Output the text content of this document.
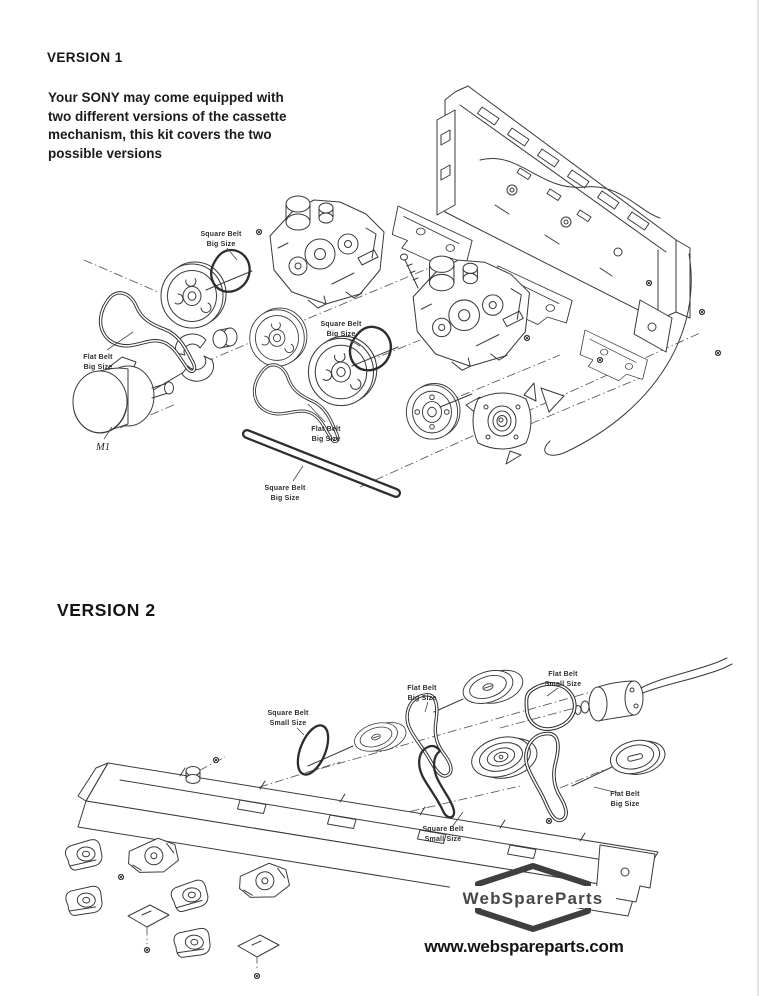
VERSION 1
Your SONY may come equipped with
two different versions of the cassette
mechanism, this kit covers the two
possible versions
VERSION 2
Square Belt
Big Size
Flat Belt
Big Size
Square Belt
Big Size
Flat Belt
Big Size
Square Belt
Big Size
M1
Square Belt
Small Size
Flat Belt
Big Size
Flat Belt
Small Size
Flat Belt
Big Size
Square Belt
Small Size
WebSpareParts
www.webspareparts.com
